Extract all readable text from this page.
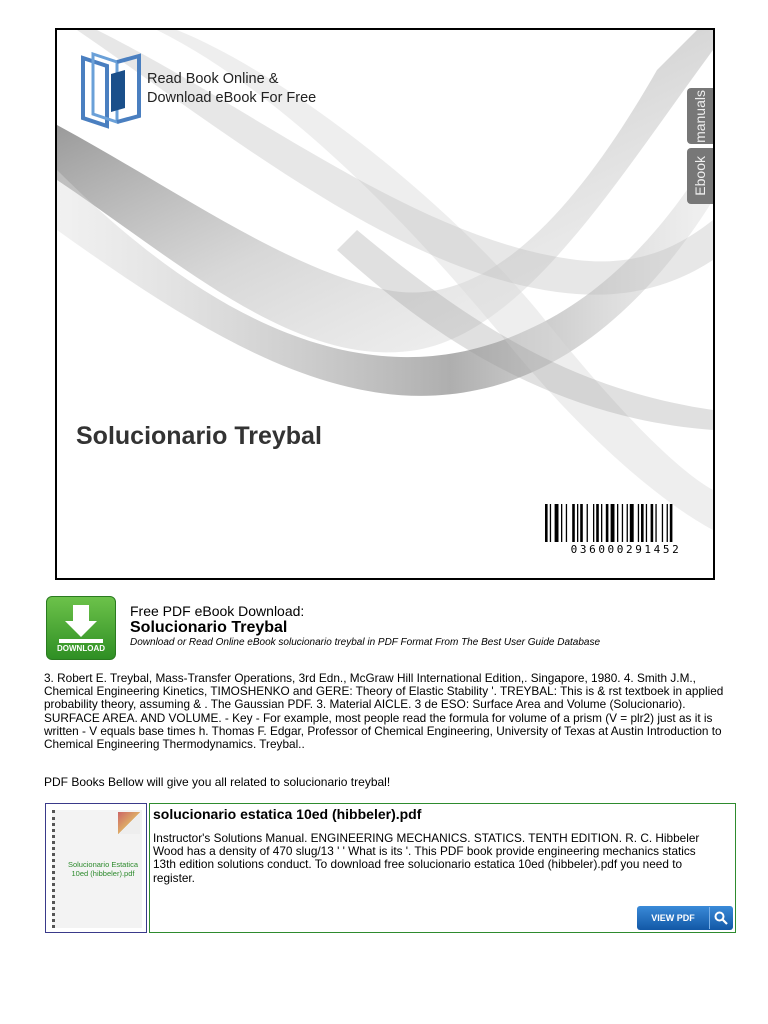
Read Book Online &
Download eBook For Free	manuals
Ebook
Solucionario Treybal
036000291452
DOWNLOAD
Free PDF eBook Download:
Solucionario Treybal
Download or Read Online eBook solucionario treybal in PDF Format From The Best User Guide Database
3. Robert E. Treybal, Mass-Transfer Operations, 3rd Edn., McGraw Hill International Edition,. Singapore, 1980. 4. Smith J.M., Chemical Engineering Kinetics, TIMOSHENKO and GERE: Theory of Elastic Stability '. TREYBAL: This is & rst textboek in applied probability theory, assuming & . The Gaussian PDF. 3. Material AICLE. 3 de ESO: Surface Area and Volume (Solucionario). SURFACE AREA. AND VOLUME. - Key - For example, most people read the formula for volume of a prism (V = plr2) just as it is written - V equals base times h. Thomas F. Edgar, Professor of Chemical Engineering, University of Texas at Austin Introduction to Chemical Engineering Thermodynamics. Treybal..
PDF Books Bellow will give you all related to solucionario treybal!
Solucionario Estatica 10ed (hibbeler).pdf
solucionario estatica 10ed (hibbeler).pdf
Instructor's Solutions Manual. ENGINEERING MECHANICS. STATICS. TENTH EDITION. R. C. Hibbeler Wood has a density of 470 slug/13 ' ' What is its '. This PDF book provide engineering mechanics statics 13th edition solutions conduct. To download free solucionario estatica 10ed (hibbeler).pdf you need to register.
VIEW PDF
